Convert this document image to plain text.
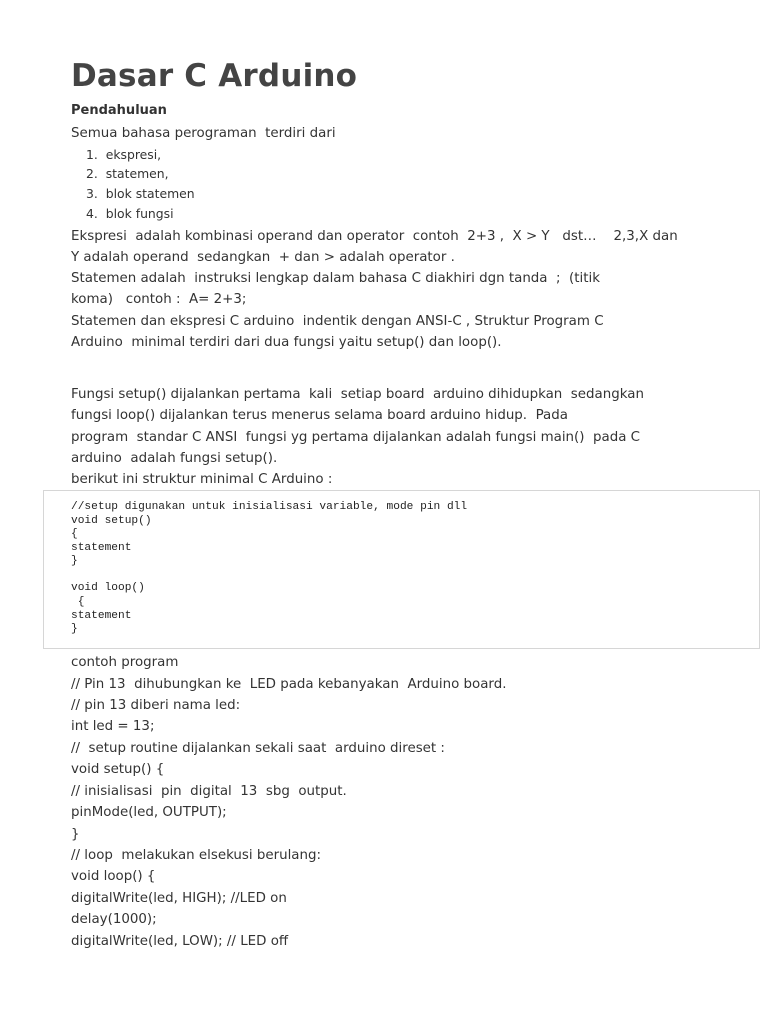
Dasar C Arduino
Pendahuluan
Semua bahasa perograman  terdiri dari
1.  ekspresi,
2.  statemen,
3.  blok statemen
4.  blok fungsi
Ekspresi  adalah kombinasi operand dan operator  contoh  2+3 ,  X > Y   dst…    2,3,X dan
Y adalah operand  sedangkan  + dan > adalah operator .
Statemen adalah  instruksi lengkap dalam bahasa C diakhiri dgn tanda  ;  (titik
koma)   contoh :  A= 2+3;
Statemen dan ekspresi C arduino  indentik dengan ANSI-C , Struktur Program C
Arduino  minimal terdiri dari dua fungsi yaitu setup() dan loop().
Fungsi setup() dijalankan pertama  kali  setiap board  arduino dihidupkan  sedangkan
fungsi loop() dijalankan terus menerus selama board arduino hidup.  Pada
program  standar C ANSI  fungsi yg pertama dijalankan adalah fungsi main()  pada C
arduino  adalah fungsi setup().
berikut ini struktur minimal C Arduino :
//setup digunakan untuk inisialisasi variable, mode pin dll
void setup()
{
statement
}
void loop()
{
statement
}
contoh program
// Pin 13  dihubungkan ke  LED pada kebanyakan  Arduino board.
// pin 13 diberi nama led:
int led = 13;
//  setup routine dijalankan sekali saat  arduino direset :
void setup() {
// inisialisasi  pin  digital  13  sbg  output.
pinMode(led, OUTPUT);
}
// loop  melakukan elsekusi berulang:
void loop() {
digitalWrite(led, HIGH); //LED on
delay(1000);
digitalWrite(led, LOW); // LED off
